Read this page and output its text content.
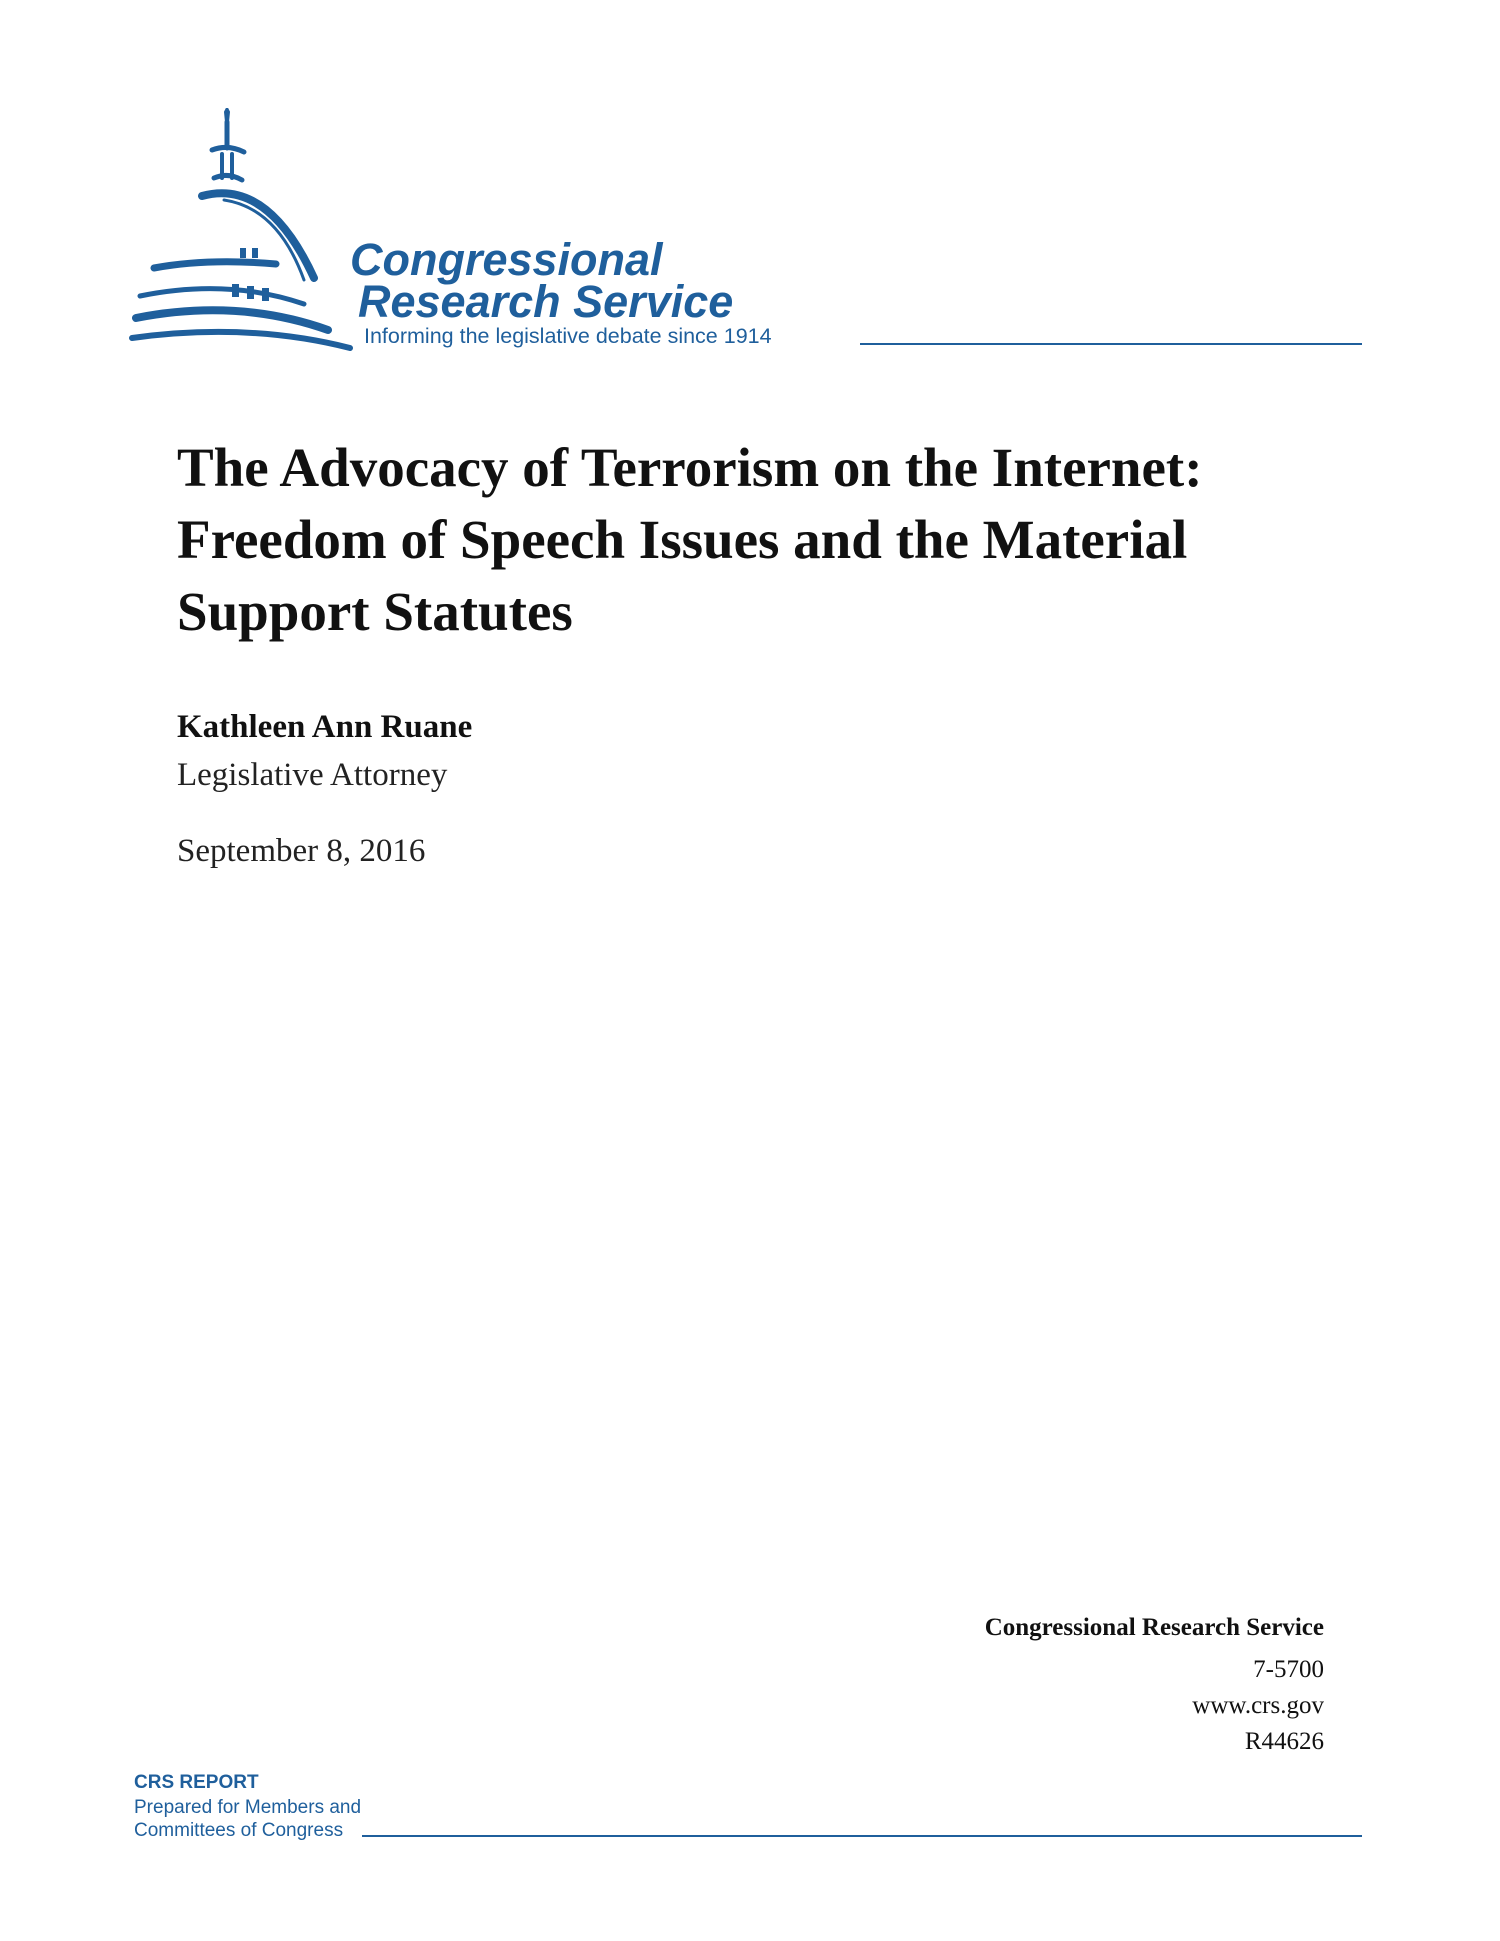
Congressional
Research Service
Informing the legislative debate since 1914
The Advocacy of Terrorism on the Internet: Freedom of Speech Issues and the Material Support Statutes
Kathleen Ann Ruane
Legislative Attorney
September 8, 2016
Congressional Research Service
7-5700
www.crs.gov
R44626
CRS REPORT
Prepared for Members and
Committees of Congress
